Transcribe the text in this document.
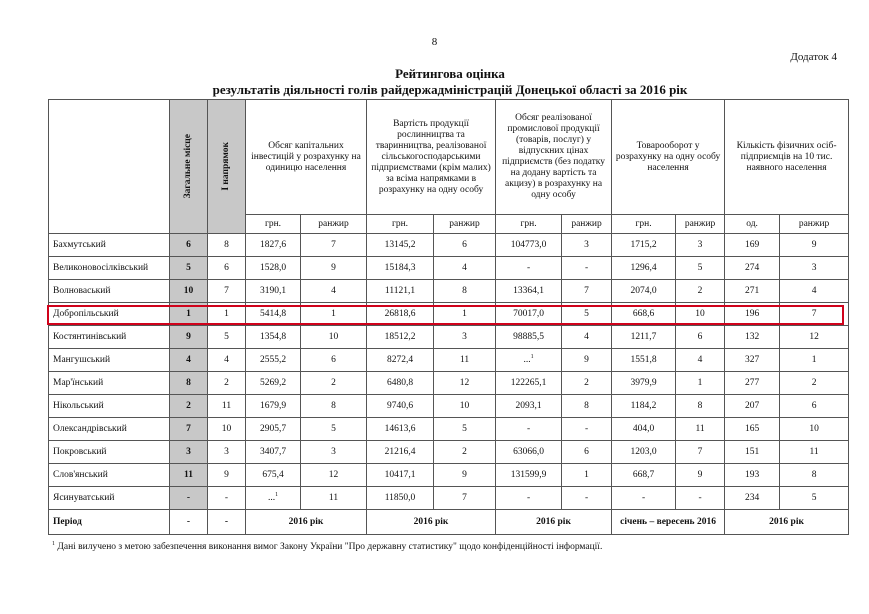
8
Додаток 4
Рейтингова оцінка
результатів діяльності голів райдержадміністрацій Донецької області за 2016 рік

	Загальне місце	І напрямок	Обсяг капітальних інвестицій у розрахунку на одиницю населення		Вартість продукції рослинництва та тваринництва, реалізованої сільськогосподарськими підприємствами (крім малих) за всіма напрямками в розрахунку на одну особу		Обсяг реалізованої промислової продукції (товарів, послуг) у відпускних цінах підприємств (без податку на додану вартість та акцизу) в розрахунку на одну особу		Товарооборот у розрахунку на одну особу населення		Кількість фізичних осіб-підприємців на 10 тис. наявного населення	
			грн.	ранжир	грн.	ранжир	грн.	ранжир	грн.	ранжир	од.	ранжир
Бахмутський	6	8	1827,6	7	13145,2	6	104773,0	3	1715,2	3	169	9
Великоновосілківський	5	6	1528,0	9	15184,3	4	-	-	1296,4	5	274	3
Волноваський	10	7	3190,1	4	11121,1	8	13364,1	7	2074,0	2	271	4
Добропільський	1	1	5414,8	1	26818,6	1	70017,0	5	668,6	10	196	7
Костянтинівський	9	5	1354,8	10	18512,2	3	98885,5	4	1211,7	6	132	12
Мангушський	4	4	2555,2	6	8272,4	11	...$^1$	9	1551,8	4	327	1
Мар'їнський	8	2	5269,2	2	6480,8	12	122265,1	2	3979,9	1	277	2
Нікольський	2	11	1679,9	8	9740,6	10	2093,1	8	1184,2	8	207	6
Олександрівський	7	10	2905,7	5	14613,6	5	-	-	404,0	11	165	10
Покровський	3	3	3407,7	3	21216,4	2	63066,0	6	1203,0	7	151	11
Слов'янський	11	9	675,4	12	10417,1	9	131599,9	1	668,7	9	193	8
Ясинуватський	-	-	...$^1$	11	11850,0	7	-	-	-	-	234	5
Період	-	-	2016 рік		2016 рік		2016 рік		січень – вересень 2016		2016 рік	
$^1$ Дані вилучено з метою забезпечення виконання вимог Закону України "Про державну статистику" щодо конфіденційності інформації.
